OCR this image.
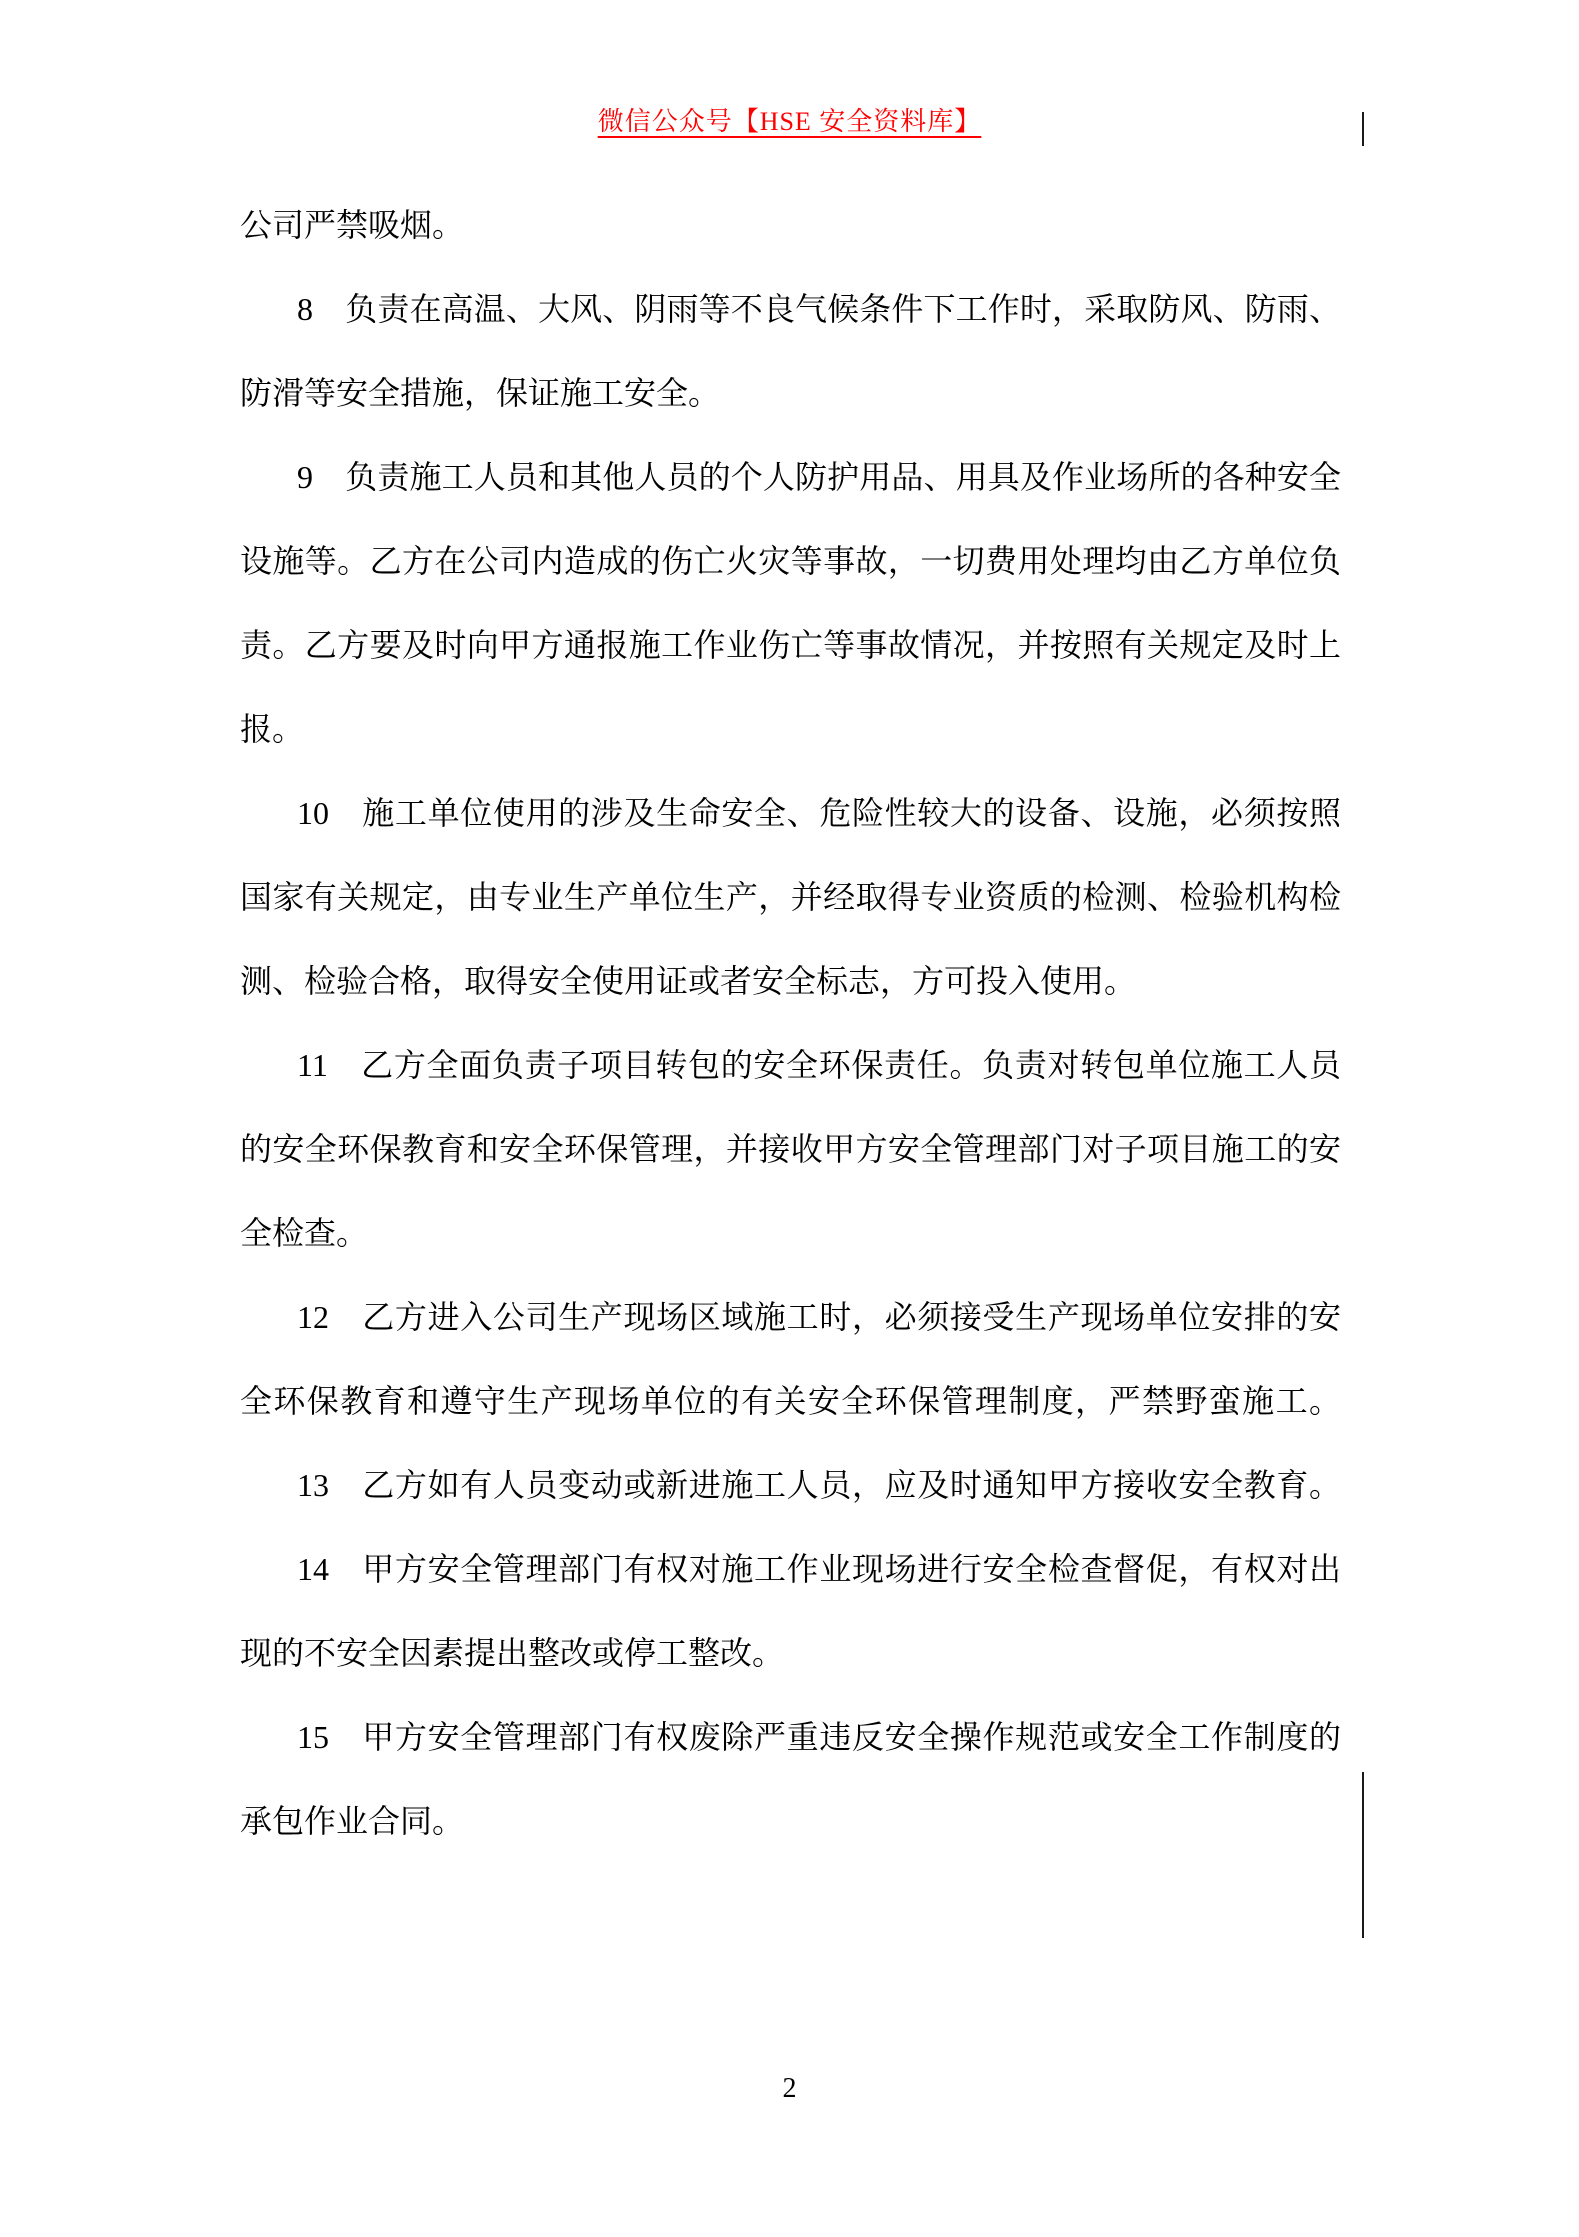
微信公众号【HSE 安全资料库】
公司严禁吸烟。
8　负责在高温、大风、阴雨等不良气候条件下工作时，采取防风、防雨、
防滑等安全措施，保证施工安全。
9　负责施工人员和其他人员的个人防护用品、用具及作业场所的各种安全
设施等。乙方在公司内造成的伤亡火灾等事故，一切费用处理均由乙方单位负
责。乙方要及时向甲方通报施工作业伤亡等事故情况，并按照有关规定及时上
报。
10　施工单位使用的涉及生命安全、危险性较大的设备、设施，必须按照
国家有关规定，由专业生产单位生产，并经取得专业资质的检测、检验机构检
测、检验合格，取得安全使用证或者安全标志，方可投入使用。
11　乙方全面负责子项目转包的安全环保责任。负责对转包单位施工人员
的安全环保教育和安全环保管理，并接收甲方安全管理部门对子项目施工的安
全检查。
12　乙方进入公司生产现场区域施工时，必须接受生产现场单位安排的安
全环保教育和遵守生产现场单位的有关安全环保管理制度，严禁野蛮施工。
13　乙方如有人员变动或新进施工人员，应及时通知甲方接收安全教育。
14　甲方安全管理部门有权对施工作业现场进行安全检查督促，有权对出
现的不安全因素提出整改或停工整改。
15　甲方安全管理部门有权废除严重违反安全操作规范或安全工作制度的
承包作业合同。
2
